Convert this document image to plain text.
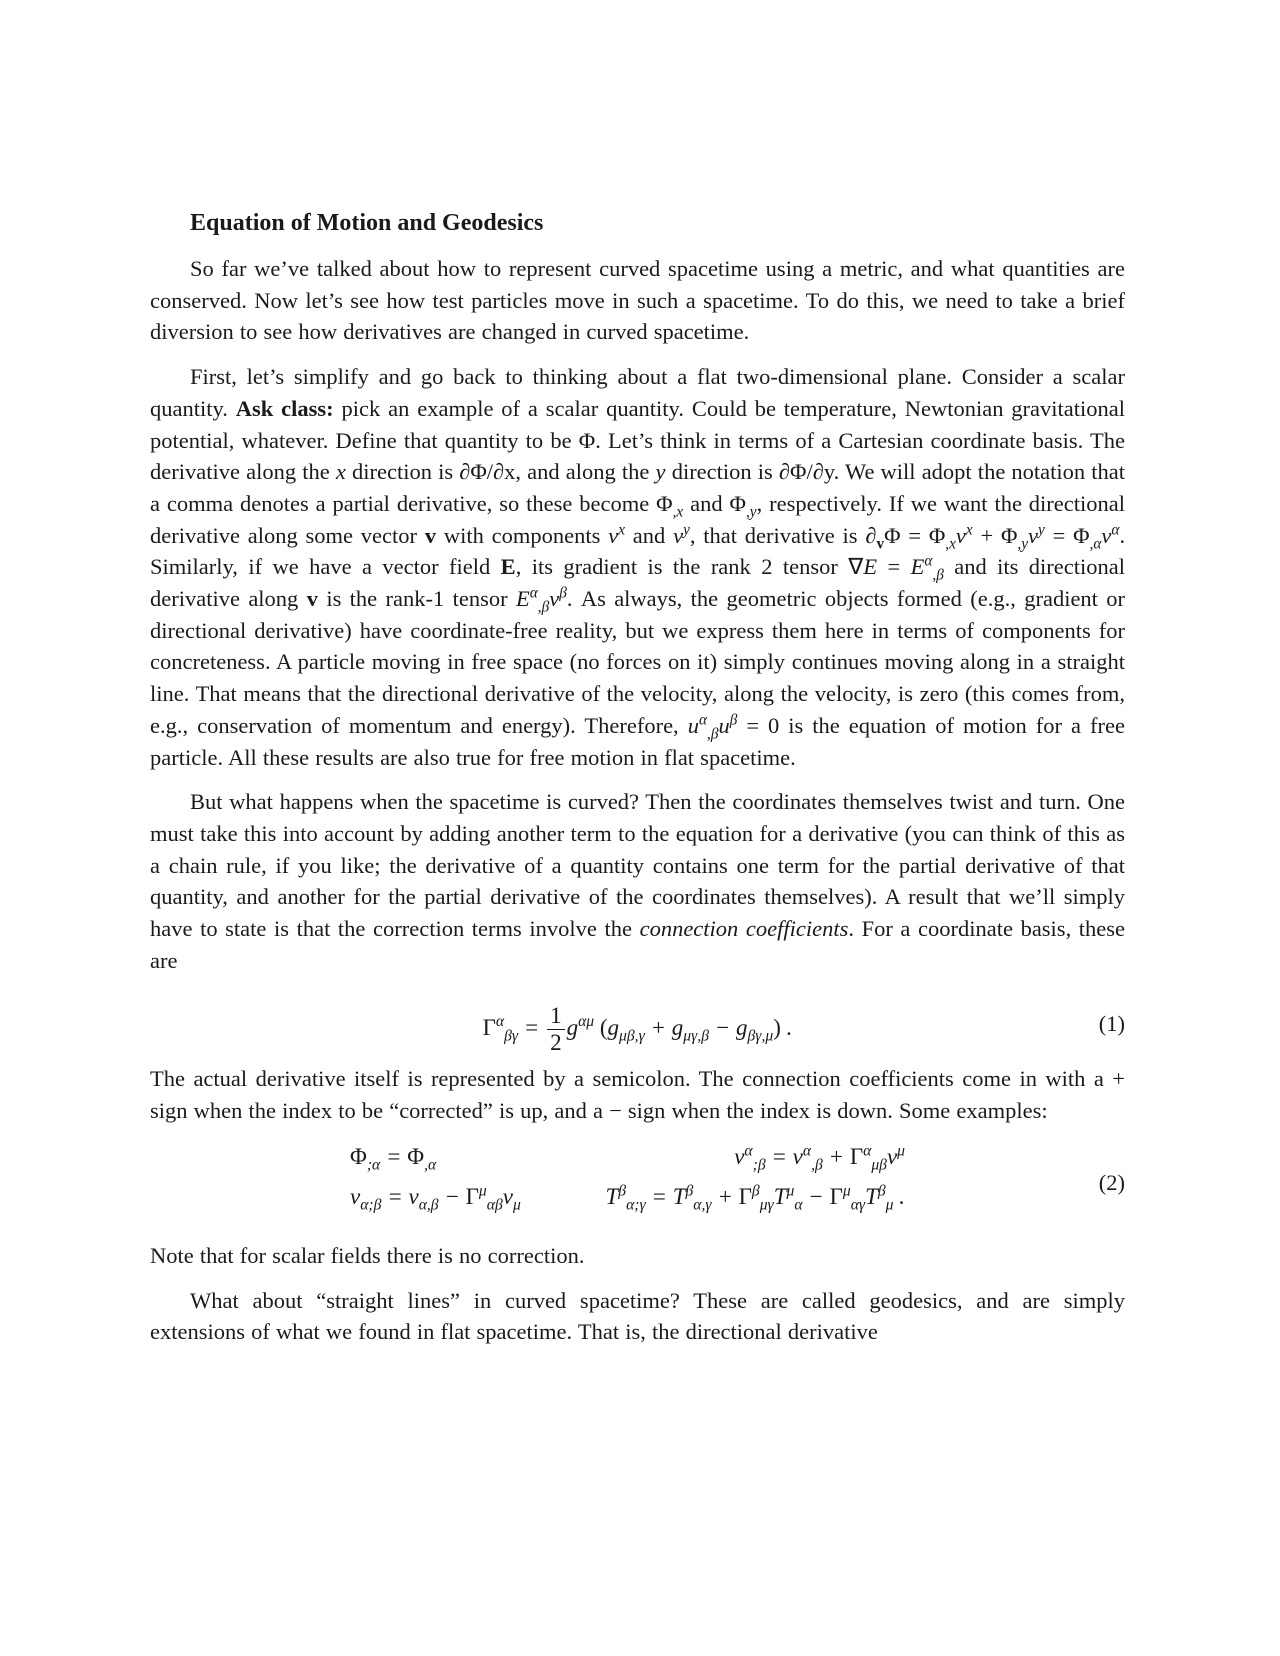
Equation of Motion and Geodesics

So far we’ve talked about how to represent curved spacetime using a metric, and what quantities are conserved. Now let’s see how test particles move in such a spacetime. To do this, we need to take a brief diversion to see how derivatives are changed in curved spacetime.

First, let’s simplify and go back to thinking about a flat two-dimensional plane. Consider a scalar quantity. Ask class: pick an example of a scalar quantity. Could be temperature, Newtonian gravitational potential, whatever. Define that quantity to be Φ. Let’s think in terms of a Cartesian coordinate basis. The derivative along the x direction is ∂Φ/∂x, and along the y direction is ∂Φ/∂y. We will adopt the notation that a comma denotes a partial derivative, so these become $\Phi_{,x}$ and $\Phi_{,y}$, respectively. If we want the directional derivative along some vector v with components $v^x$ and $v^y$, that derivative is $\partial_v\Phi = \Phi_{,x}v^x + \Phi_{,y}v^y = \Phi_{,\alpha}v^\alpha$. Similarly, if we have a vector field E, its gradient is the rank 2 tensor $\nabla E = E^\alpha_{,\beta}$ and its directional derivative along v is the rank-1 tensor $E^\alpha_{,\beta}v^\beta$. As always, the geometric objects formed (e.g., gradient or directional derivative) have coordinate-free reality, but we express them here in terms of components for concreteness. A particle moving in free space (no forces on it) simply continues moving along in a straight line. That means that the directional derivative of the velocity, along the velocity, is zero (this comes from, e.g., conservation of momentum and energy). Therefore, $u^\alpha_{,\beta}u^\beta = 0$ is the equation of motion for a free particle. All these results are also true for free motion in flat spacetime.

But what happens when the spacetime is curved? Then the coordinates themselves twist and turn. One must take this into account by adding another term to the equation for a derivative (you can think of this as a chain rule, if you like; the derivative of a quantity contains one term for the partial derivative of that quantity, and another for the partial derivative of the coordinates themselves). A result that we’ll simply have to state is that the correction terms involve the connection coefficients. For a coordinate basis, these are

$\Gamma^\alpha_{\beta\gamma} = \frac{1}{2} g^{\alpha\mu}$ $(g_{\mu\beta,\gamma} + g_{\mu\gamma,\beta} - g_{\beta\gamma,\mu})$ .	(1)

The actual derivative itself is represented by a semicolon. The connection coefficients come in with a + sign when the index to be “corrected” is up, and a − sign when the index is down. Some examples:

$\Phi_{;\alpha} = \Phi_{,\alpha}$	$v^\alpha_{;\beta} = v^\alpha_{,\beta} + \Gamma^\alpha_{\mu\beta}v^\mu$
$v_{\alpha;\beta} = v_{\alpha,\beta} - \Gamma^\mu_{\alpha\beta}v_\mu$	$T^\beta_{\alpha;\gamma} = T^\beta_{\alpha,\gamma} + \Gamma^\beta_{\mu\gamma}T^\mu_\alpha - \Gamma^\mu_{\alpha\gamma}T^\beta_\mu$ .
(2)

Note that for scalar fields there is no correction.

What about “straight lines” in curved spacetime? These are called geodesics, and are simply extensions of what we found in flat spacetime. That is, the directional derivative
